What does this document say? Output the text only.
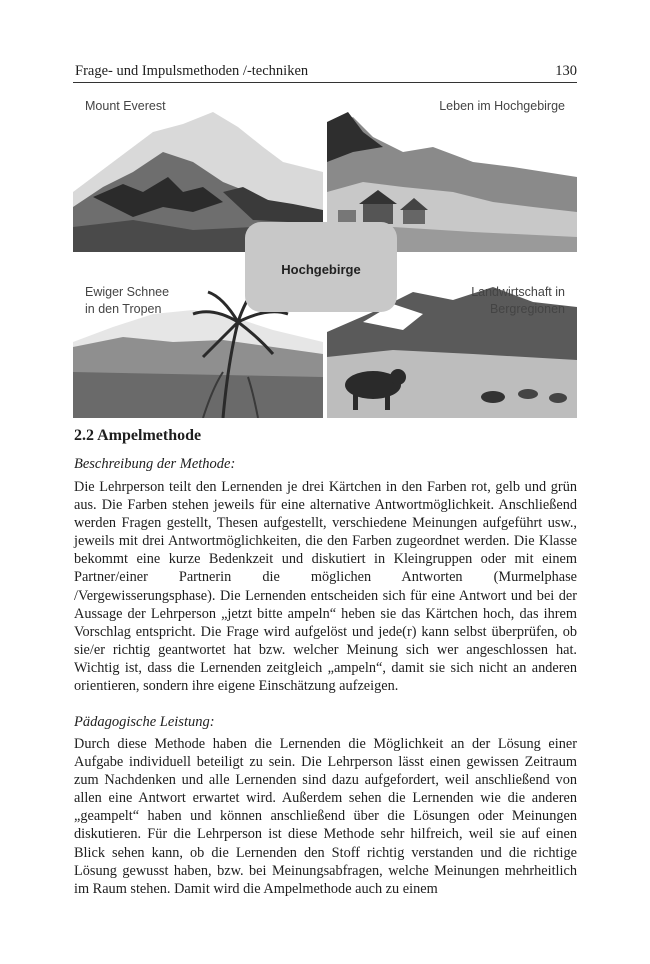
Frage- und Impulsmethoden /-techniken	130
Hochgebirge
Mount Everest	Leben im Hochgebirge
Ewiger Schnee
in den Tropen
Landwirtschaft in
Bergregionen
2.2 Ampelmethode
Beschreibung der Methode:
Die Lehrperson teilt den Lernenden je drei Kärtchen in den Farben rot, gelb und grün aus. Die Farben stehen jeweils für eine alternative Antwortmöglichkeit. Anschließend werden Fragen gestellt, Thesen aufgestellt, verschiedene Meinungen aufgeführt usw., jeweils mit drei Antwortmöglichkeiten, die den Farben zugeordnet werden. Die Klasse bekommt eine kurze Bedenkzeit und diskutiert in Kleingruppen oder mit einem Partner/einer Partnerin die möglichen Antworten (Murmelphase /Vergewisserungsphase). Die Lernenden entscheiden sich für eine Antwort und bei der Aussage der Lehrperson „jetzt bitte ampeln“ heben sie das Kärtchen hoch, das ihrem Vorschlag entspricht. Die Frage wird aufgelöst und jede(r) kann selbst überprüfen, ob sie/er richtig geantwortet hat bzw. welcher Meinung sich wer angeschlossen hat. Wichtig ist, dass die Lernenden zeitgleich „ampeln“, damit sie sich nicht an anderen orientieren, sondern ihre eigene Einschätzung aufzeigen.
Pädagogische Leistung:
Durch diese Methode haben die Lernenden die Möglichkeit an der Lösung einer Aufgabe individuell beteiligt zu sein. Die Lehrperson lässt einen gewissen Zeitraum zum Nachdenken und alle Lernenden sind dazu aufgefordert, weil anschließend von allen eine Antwort erwartet wird. Außerdem sehen die Lernenden wie die anderen „geampelt“ haben und können anschließend über die Lösungen oder Meinungen diskutieren. Für die Lehrperson ist diese Methode sehr hilfreich, weil sie auf einen Blick sehen kann, ob die Lernenden den Stoff richtig verstanden und die richtige Lösung gewusst haben, bzw. bei Meinungsabfragen, welche Meinungen mehrheitlich im Raum stehen. Damit wird die Ampelmethode auch zu einem
